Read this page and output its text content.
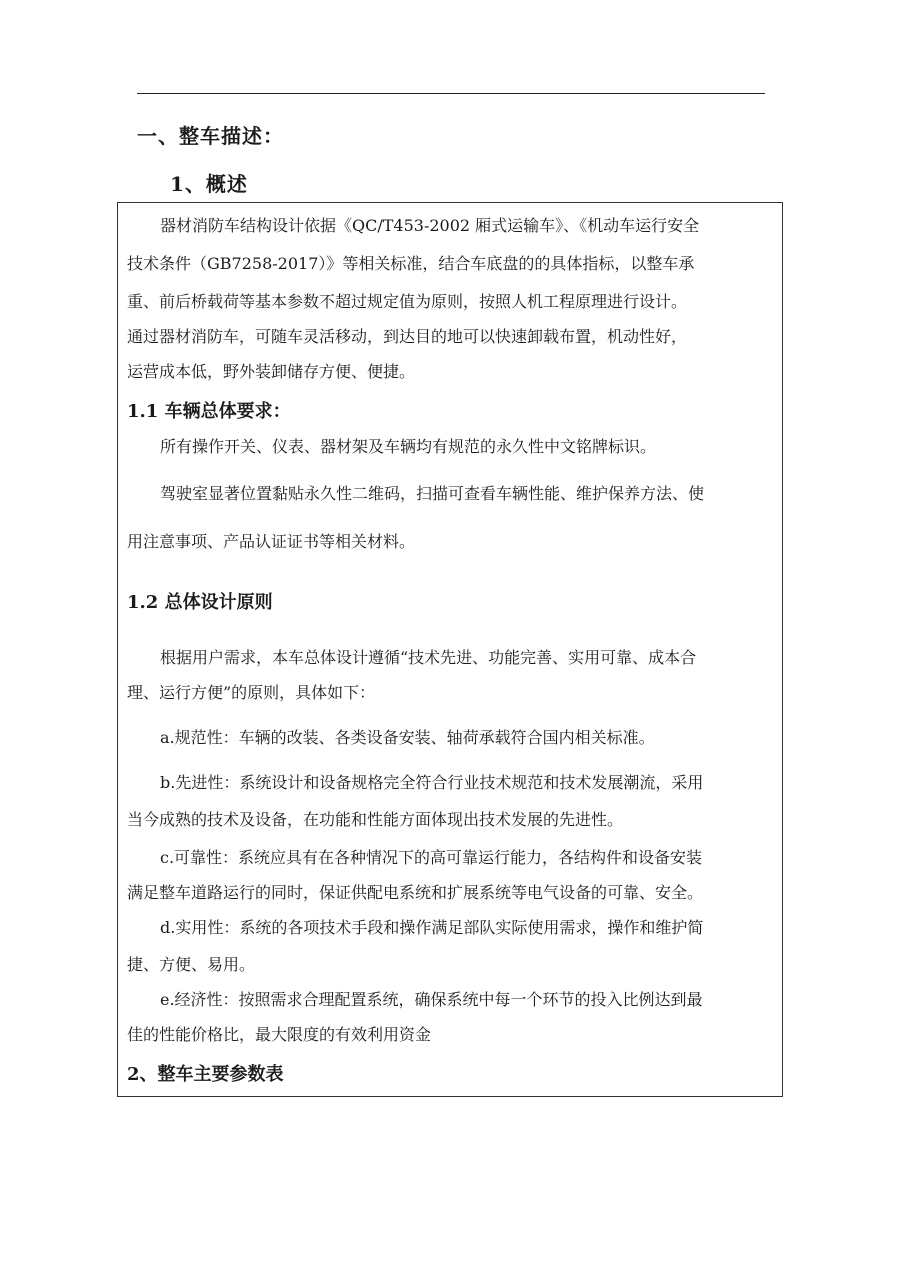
一、整车描述：
1、概述
器材消防车结构设计依据《QC/T453-2002 厢式运输车》、《机动车运行安全
技术条件（GB7258-2017）》等相关标准，结合车底盘的的具体指标，以整车承
重、前后桥载荷等基本参数不超过规定值为原则，按照人机工程原理进行设计。
通过器材消防车，可随车灵活移动，到达目的地可以快速卸载布置，机动性好，
运营成本低，野外装卸储存方便、便捷。
1.1 车辆总体要求：
所有操作开关、仪表、器材架及车辆均有规范的永久性中文铭牌标识。
驾驶室显著位置黏贴永久性二维码，扫描可查看车辆性能、维护保养方法、使
用注意事项、产品认证证书等相关材料。
1.2 总体设计原则
根据用户需求，本车总体设计遵循“技术先进、功能完善、实用可靠、成本合
理、运行方便”的原则，具体如下：
a.规范性：车辆的改装、各类设备安装、轴荷承载符合国内相关标准。
b.先进性：系统设计和设备规格完全符合行业技术规范和技术发展潮流，采用
当今成熟的技术及设备，在功能和性能方面体现出技术发展的先进性。
c.可靠性：系统应具有在各种情况下的高可靠运行能力，各结构件和设备安装
满足整车道路运行的同时，保证供配电系统和扩展系统等电气设备的可靠、安全。
d.实用性：系统的各项技术手段和操作满足部队实际使用需求，操作和维护简
捷、方便、易用。
e.经济性：按照需求合理配置系统，确保系统中每一个环节的投入比例达到最
佳的性能价格比，最大限度的有效利用资金
2、整车主要参数表
